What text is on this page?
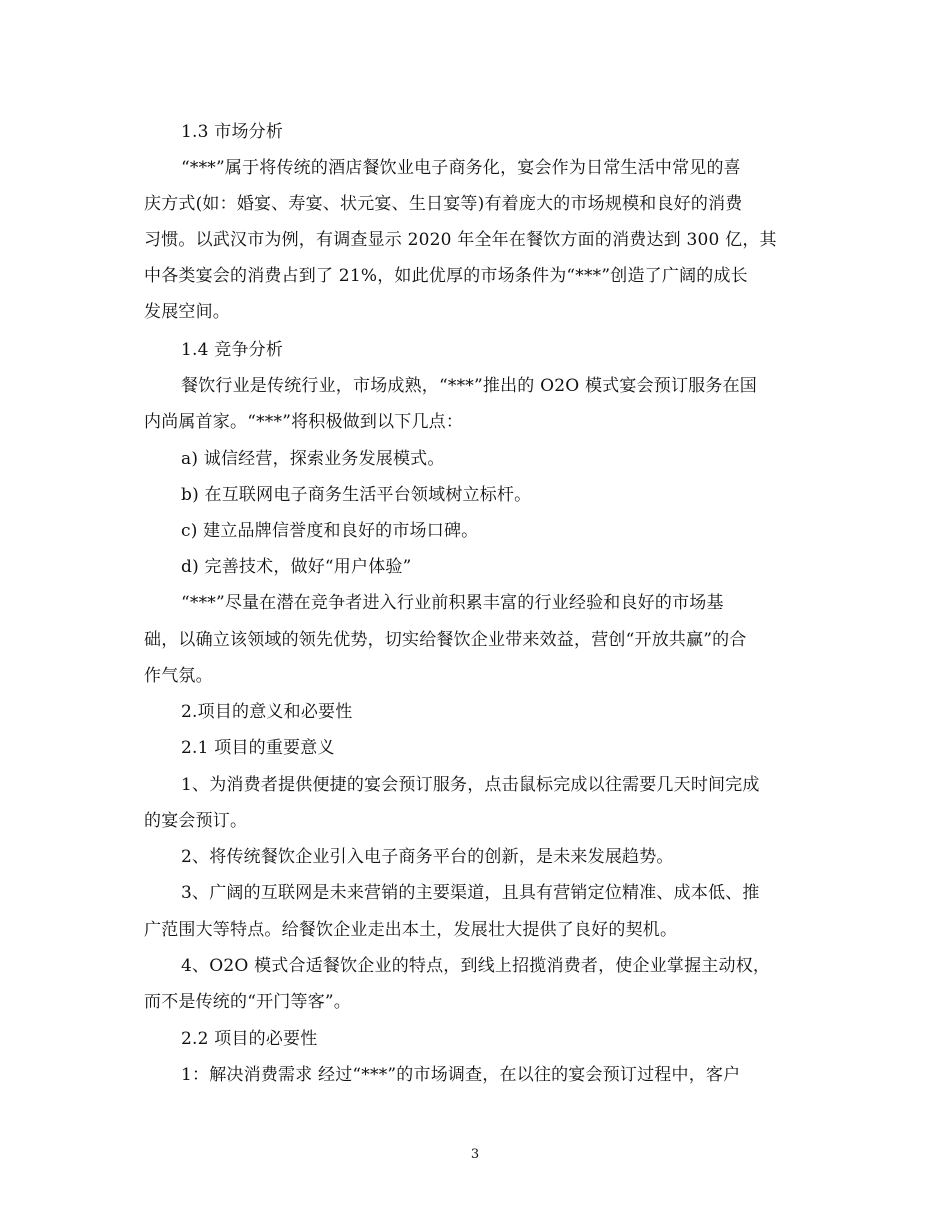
1.3 市场分析
“***”属于将传统的酒店餐饮业电子商务化，宴会作为日常生活中常见的喜
庆方式(如：婚宴、寿宴、状元宴、生日宴等)有着庞大的市场规模和良好的消费
习惯。以武汉市为例，有调查显示 2020 年全年在餐饮方面的消费达到 300 亿，其
中各类宴会的消费占到了 21%，如此优厚的市场条件为“***”创造了广阔的成长
发展空间。
1.4 竞争分析
餐饮行业是传统行业，市场成熟，“***”推出的 O2O 模式宴会预订服务在国
内尚属首家。“***”将积极做到以下几点：
a) 诚信经营，探索业务发展模式。
b) 在互联网电子商务生活平台领域树立标杆。
c) 建立品牌信誉度和良好的市场口碑。
d) 完善技术，做好“用户体验”
“***”尽量在潜在竞争者进入行业前积累丰富的行业经验和良好的市场基
础，以确立该领域的领先优势，切实给餐饮企业带来效益，营创“开放共赢”的合
作气氛。
2.项目的意义和必要性
2.1 项目的重要意义
1、为消费者提供便捷的宴会预订服务，点击鼠标完成以往需要几天时间完成
的宴会预订。
2、将传统餐饮企业引入电子商务平台的创新，是未来发展趋势。
3、广阔的互联网是未来营销的主要渠道，且具有营销定位精准、成本低、推
广范围大等特点。给餐饮企业走出本土，发展壮大提供了良好的契机。
4、O2O 模式合适餐饮企业的特点，到线上招揽消费者，使企业掌握主动权，
而不是传统的“开门等客”。
2.2 项目的必要性
1：解决消费需求 经过“***”的市场调查，在以往的宴会预订过程中，客户
3
